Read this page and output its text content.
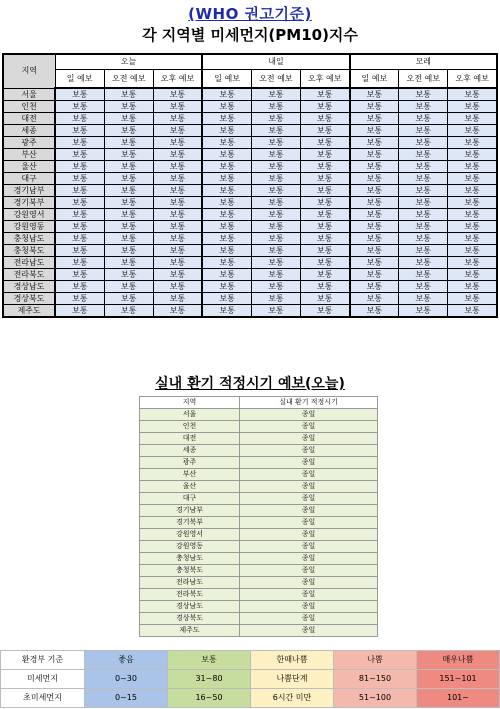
(WHO 권고기준)
각 지역별 미세먼지(PM10)지수
지역	오늘			내일			모레		
	일 예보	오전 예보	오후 예보	일 예보	오전 예보	오후 예보	일 예보	오전 예보	오후 예보
서울	보통	보통	보통	보통	보통	보통	보통	보통	보통
인천	보통	보통	보통	보통	보통	보통	보통	보통	보통
대전	보통	보통	보통	보통	보통	보통	보통	보통	보통
세종	보통	보통	보통	보통	보통	보통	보통	보통	보통
광주	보통	보통	보통	보통	보통	보통	보통	보통	보통
부산	보통	보통	보통	보통	보통	보통	보통	보통	보통
울산	보통	보통	보통	보통	보통	보통	보통	보통	보통
대구	보통	보통	보통	보통	보통	보통	보통	보통	보통
경기남부	보통	보통	보통	보통	보통	보통	보통	보통	보통
경기북부	보통	보통	보통	보통	보통	보통	보통	보통	보통
강원영서	보통	보통	보통	보통	보통	보통	보통	보통	보통
강원영동	보통	보통	보통	보통	보통	보통	보통	보통	보통
충청남도	보통	보통	보통	보통	보통	보통	보통	보통	보통
충청북도	보통	보통	보통	보통	보통	보통	보통	보통	보통
전라남도	보통	보통	보통	보통	보통	보통	보통	보통	보통
전라북도	보통	보통	보통	보통	보통	보통	보통	보통	보통
경상남도	보통	보통	보통	보통	보통	보통	보통	보통	보통
경상북도	보통	보통	보통	보통	보통	보통	보통	보통	보통
제주도	보통	보통	보통	보통	보통	보통	보통	보통	보통
실내 환기 적정시기 예보(오늘)
지역	실내 환기 적정시기
서울	종일
인천	종일
대전	종일
세종	종일
광주	종일
부산	종일
울산	종일
대구	종일
경기남부	종일
경기북부	종일
강원영서	종일
강원영동	종일
충청남도	종일
충청북도	종일
전라남도	종일
전라북도	종일
경상남도	종일
경상북도	종일
제주도	종일
환경부 기준	좋음	보통	한때나쁨	나쁨	매우나쁨
미세먼지	0~30	31~80	나쁨단계	81~150	151~101
초미세먼지	0~15	16~50	6시간 미만	51~100	101~
